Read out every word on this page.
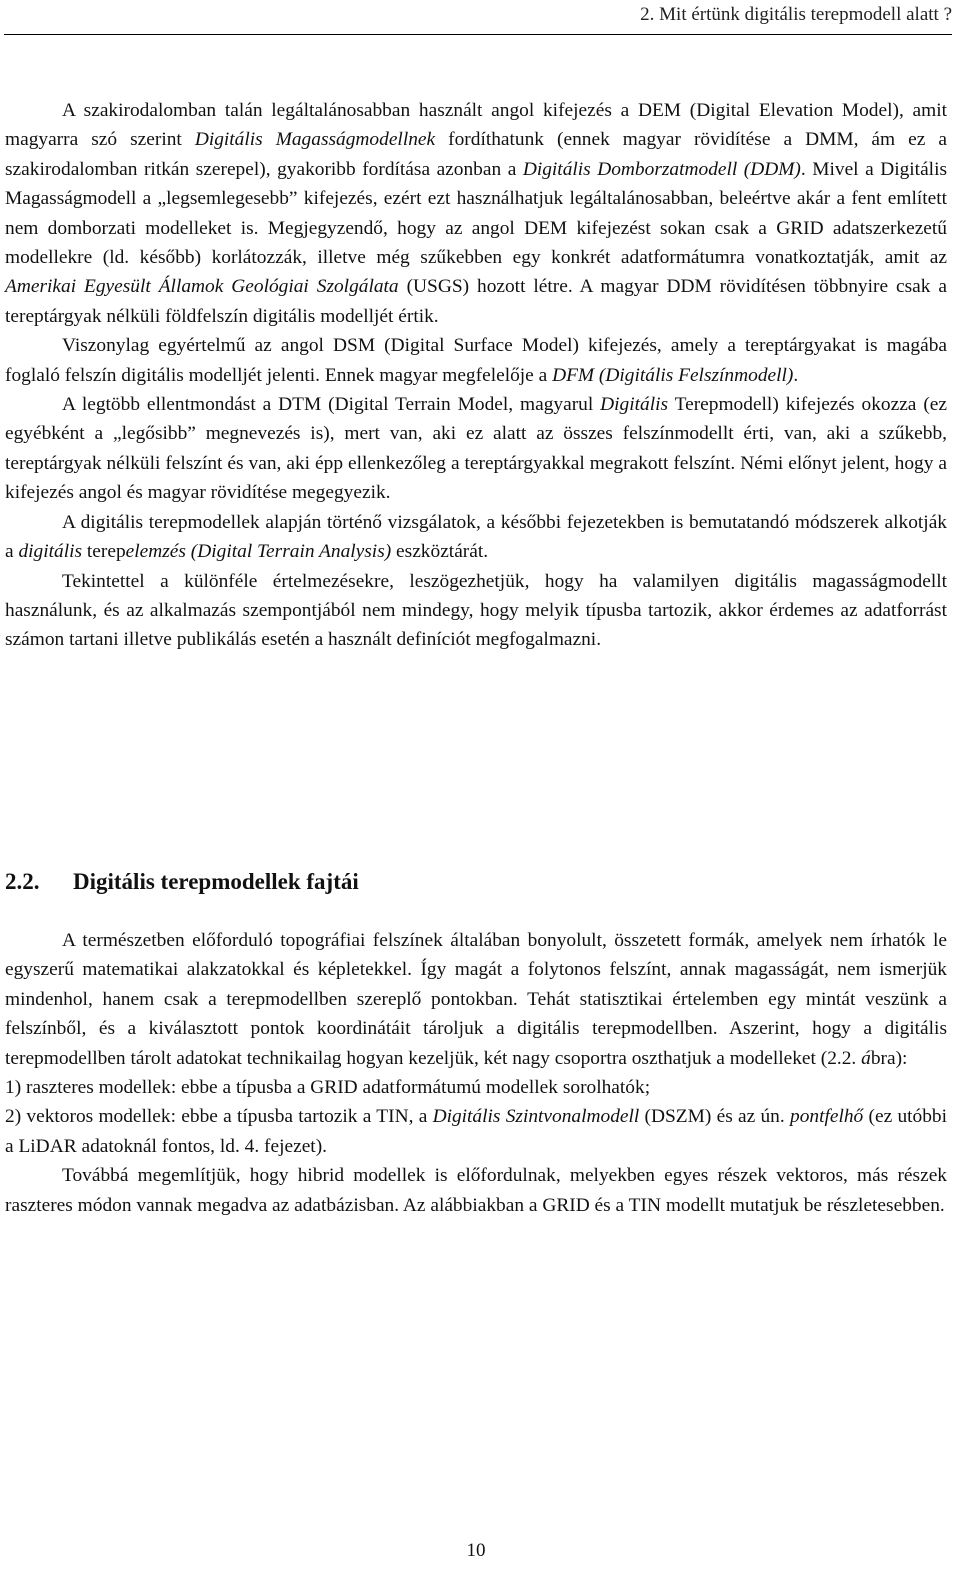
2. Mit értünk digitális terepmodell alatt ?

A szakirodalomban talán legáltalánosabban használt angol kifejezés a DEM (Digital Elevation Model), amit magyarra szó szerint Digitális Magasságmodellnek fordíthatunk (ennek magyar rövidítése a DMM, ám ez a szakirodalomban ritkán szerepel), gyakoribb fordítása azonban a Digitális Domborzatmodell (DDM). Mivel a Digitális Magasságmodell a „legsemlegesebb” kifejezés, ezért ezt használhatjuk legáltalánosabban, beleértve akár a fent említett nem domborzati modelleket is. Megjegyzendő, hogy az angol DEM kifejezést sokan csak a GRID adatszerkezetű modellekre (ld. később) korlátozzák, illetve még szűkebben egy konkrét adatformátumra vonatkoztatják, amit az Amerikai Egyesült Államok Geológiai Szolgálata (USGS) hozott létre. A magyar DDM rövidítésen többnyire csak a tereptárgyak nélküli földfelszín digitális modelljét értik.

Viszonylag egyértelmű az angol DSM (Digital Surface Model) kifejezés, amely a tereptárgyakat is magába foglaló felszín digitális modelljét jelenti. Ennek magyar megfelelője a DFM (Digitális Felszínmodell).

A legtöbb ellentmondást a DTM (Digital Terrain Model, magyarul Digitális Terepmodell) kifejezés okozza (ez egyébként a „legősibb” megnevezés is), mert van, aki ez alatt az összes felszínmodellt érti, van, aki a szűkebb, tereptárgyak nélküli felszínt és van, aki épp ellenkezőleg a tereptárgyakkal megrakott felszínt. Némi előnyt jelent, hogy a kifejezés angol és magyar rövidítése megegyezik.

A digitális terepmodellek alapján történő vizsgálatok, a későbbi fejezetekben is bemutatandó módszerek alkotják a digitális terepelemzés (Digital Terrain Analysis) eszköztárát.

Tekintettel a különféle értelmezésekre, leszögezhetjük, hogy ha valamilyen digitális magasságmodellt használunk, és az alkalmazás szempontjából nem mindegy, hogy melyik típusba tartozik, akkor érdemes az adatforrást számon tartani illetve publikálás esetén a használt definíciót megfogalmazni.

2.2. Digitális terepmodellek fajtái

A természetben előforduló topográfiai felszínek általában bonyolult, összetett formák, amelyek nem írhatók le egyszerű matematikai alakzatokkal és képletekkel. Így magát a folytonos felszínt, annak magasságát, nem ismerjük mindenhol, hanem csak a terepmodellben szereplő pontokban. Tehát statisztikai értelemben egy mintát veszünk a felszínből, és a kiválasztott pontok koordinátáit tároljuk a digitális terepmodellben. Aszerint, hogy a digitális terepmodellben tárolt adatokat technikailag hogyan kezeljük, két nagy csoportra oszthatjuk a modelleket (2.2. ábra):

1) raszteres modellek: ebbe a típusba a GRID adatformátumú modellek sorolhatók;

2) vektoros modellek: ebbe a típusba tartozik a TIN, a Digitális Szintvonalmodell (DSZM) és az ún. pontfelhő (ez utóbbi a LiDAR adatoknál fontos, ld. 4. fejezet).

Továbbá megemlítjük, hogy hibrid modellek is előfordulnak, melyekben egyes részek vektoros, más részek raszteres módon vannak megadva az adatbázisban. Az alábbiakban a GRID és a TIN modellt mutatjuk be részletesebben.

10
